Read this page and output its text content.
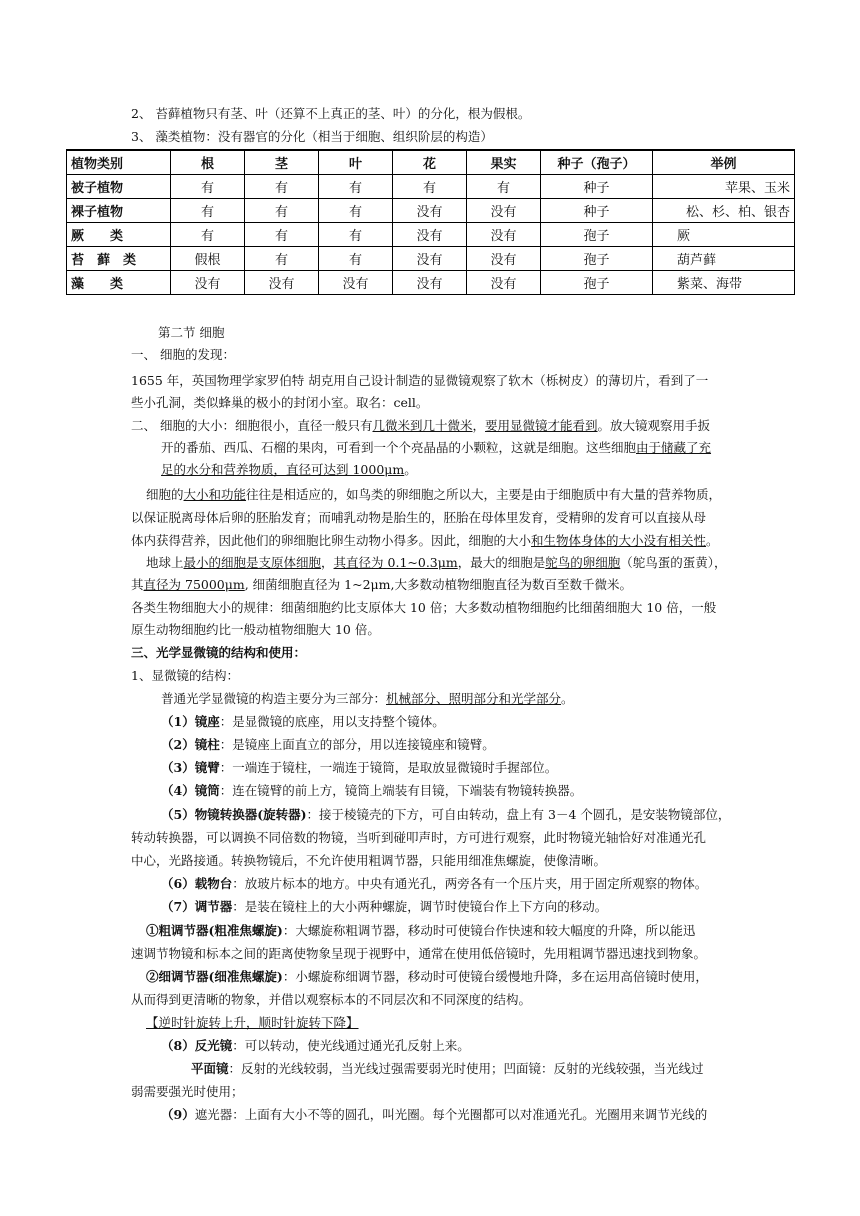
2、 苔藓植物只有茎、叶（还算不上真正的茎、叶）的分化，根为假根。
3、 藻类植物：没有器官的分化（相当于细胞、组织阶层的构造）
植物类别	根	茎	叶	花	果实	种子（孢子）	举例
被子植物	有	有	有	有	有	种子	苹果、玉米
裸子植物	有	有	有	没有	没有	种子	松、杉、柏、银杏
厥　　类	有	有	有	没有	没有	孢子	厥
苔　藓　类	假根	有	有	没有	没有	孢子	葫芦藓
藻　　类	没有	没有	没有	没有	没有	孢子	紫菜、海带
第二节 细胞
一、 细胞的发现：
1655 年，英国物理学家罗伯特 胡克用自己设计制造的显微镜观察了软木（栎树皮）的薄切片，看到了一
些小孔洞，类似蜂巢的极小的封闭小室。取名：cell。
二、 细胞的大小：细胞很小，直径一般只有几微米到几十微米，要用显微镜才能看到。放大镜观察用手扳
开的番茄、西瓜、石榴的果肉，可看到一个个亮晶晶的小颗粒，这就是细胞。这些细胞由于储藏了充
足的水分和营养物质，直径可达到 1000μm。
细胞的大小和功能往往是相适应的，如鸟类的卵细胞之所以大，主要是由于细胞质中有大量的营养物质，
以保证脱离母体后卵的胚胎发育；而哺乳动物是胎生的，胚胎在母体里发育，受精卵的发育可以直接从母
体内获得营养，因此他们的卵细胞比卵生动物小得多。因此，细胞的大小和生物体身体的大小没有相关性。
地球上最小的细胞是支原体细胞，其直径为 0.1~0.3μm，最大的细胞是鸵鸟的卵细胞（鸵鸟蛋的蛋黄），
其直径为 75000μm, 细菌细胞直径为 1~2μm,大多数动植物细胞直径为数百至数千微米。
各类生物细胞大小的规律：细菌细胞约比支原体大 10 倍；大多数动植物细胞约比细菌细胞大 10 倍，一般
原生动物细胞约比一般动植物细胞大 10 倍。
三、光学显微镜的结构和使用：
1、显微镜的结构：
普通光学显微镜的构造主要分为三部分：机械部分、照明部分和光学部分。
（1）镜座：是显微镜的底座，用以支持整个镜体。
（2）镜柱：是镜座上面直立的部分，用以连接镜座和镜臂。
（3）镜臂：一端连于镜柱，一端连于镜筒，是取放显微镜时手握部位。
（4）镜筒：连在镜臂的前上方，镜筒上端装有目镜，下端装有物镜转换器。
（5）物镜转换器(旋转器)：接于棱镜壳的下方，可自由转动，盘上有 3－4 个圆孔，是安装物镜部位，
转动转换器，可以调换不同倍数的物镜，当听到碰叩声时，方可进行观察，此时物镜光轴恰好对准通光孔
中心，光路接通。转换物镜后，不允许使用粗调节器，只能用细准焦螺旋，使像清晰。
（6）载物台：放玻片标本的地方。中央有通光孔，两旁各有一个压片夹，用于固定所观察的物体。
（7）调节器：是装在镜柱上的大小两种螺旋，调节时使镜台作上下方向的移动。
①粗调节器(粗准焦螺旋)：大螺旋称粗调节器，移动时可使镜台作快速和较大幅度的升降，所以能迅
速调节物镜和标本之间的距离使物象呈现于视野中，通常在使用低倍镜时，先用粗调节器迅速找到物象。
②细调节器(细准焦螺旋)：小螺旋称细调节器，移动时可使镜台缓慢地升降，多在运用高倍镜时使用，
从而得到更清晰的物象，并借以观察标本的不同层次和不同深度的结构。
【逆时针旋转上升，顺时针旋转下降】
（8）反光镜：可以转动，使光线通过通光孔反射上来。
平面镜：反射的光线较弱，当光线过强需要弱光时使用；凹面镜：反射的光线较强，当光线过
弱需要强光时使用；
（9）遮光器：上面有大小不等的圆孔，叫光圈。每个光圈都可以对准通光孔。光圈用来调节光线的
